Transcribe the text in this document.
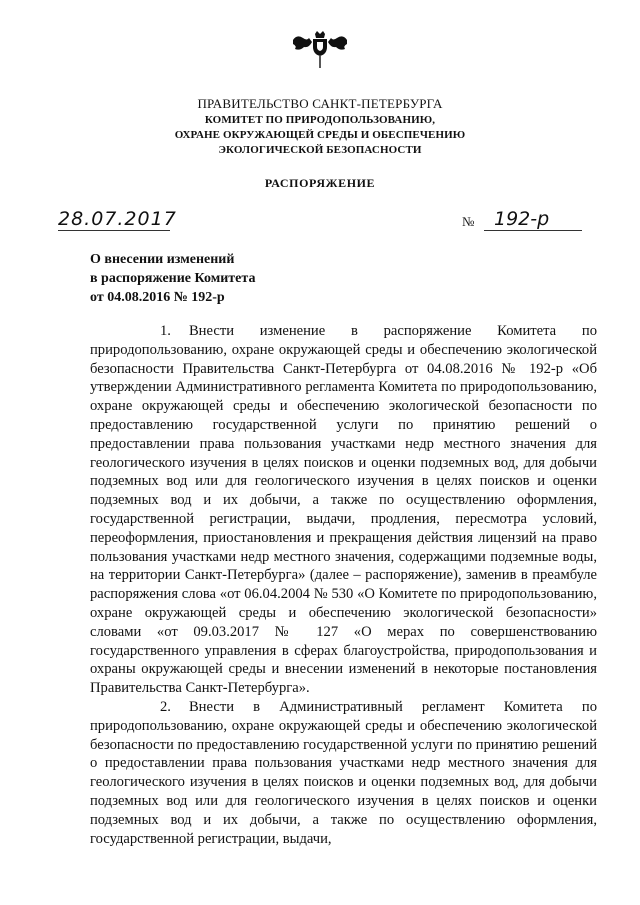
ПРАВИТЕЛЬСТВО САНКТ-ПЕТЕРБУРГА
КОМИТЕТ ПО ПРИРОДОПОЛЬЗОВАНИЮ,
ОХРАНЕ ОКРУЖАЮЩЕЙ СРЕДЫ И ОБЕСПЕЧЕНИЮ
ЭКОЛОГИЧЕСКОЙ БЕЗОПАСНОСТИ
РАСПОРЯЖЕНИЕ
28.07.2017	№	192-р
О внесении изменений
в распоряжение Комитета
от 04.08.2016 № 192-р

1. Внести изменение в распоряжение Комитета по природопользованию, охране окружающей среды и обеспечению экологической безопасности Правительства Санкт-Петербурга от 04.08.2016 № 192-р «Об утверждении Административного регламента Комитета по природопользованию, охране окружающей среды и обеспечению экологической безопасности по предоставлению государственной услуги по принятию решений о предоставлении права пользования участками недр местного значения для геологического изучения в целях поисков и оценки подземных вод, для добычи подземных вод или для геологического изучения в целях поисков и оценки подземных вод и их добычи, а также по осуществлению оформления, государственной регистрации, выдачи, продления, пересмотра условий, переоформления, приостановления и прекращения действия лицензий на право пользования участками недр местного значения, содержащими подземные воды, на территории Санкт-Петербурга» (далее – распоряжение), заменив в преамбуле распоряжения слова «от 06.04.2004 № 530 «О Комитете по природопользованию, охране окружающей среды и обеспечению экологической безопасности» словами «от 09.03.2017 № 127 «О мерах по совершенствованию государственного управления в сферах благоустройства, природопользования и охраны окружающей среды и внесении изменений в некоторые постановления Правительства Санкт-Петербурга».

2. Внести в Административный регламент Комитета по природопользованию, охране окружающей среды и обеспечению экологической безопасности по предоставлению государственной услуги по принятию решений о предоставлении права пользования участками недр местного значения для геологического изучения в целях поисков и оценки подземных вод, для добычи подземных вод или для геологического изучения в целях поисков и оценки подземных вод и их добычи, а также по осуществлению оформления, государственной регистрации, выдачи,
